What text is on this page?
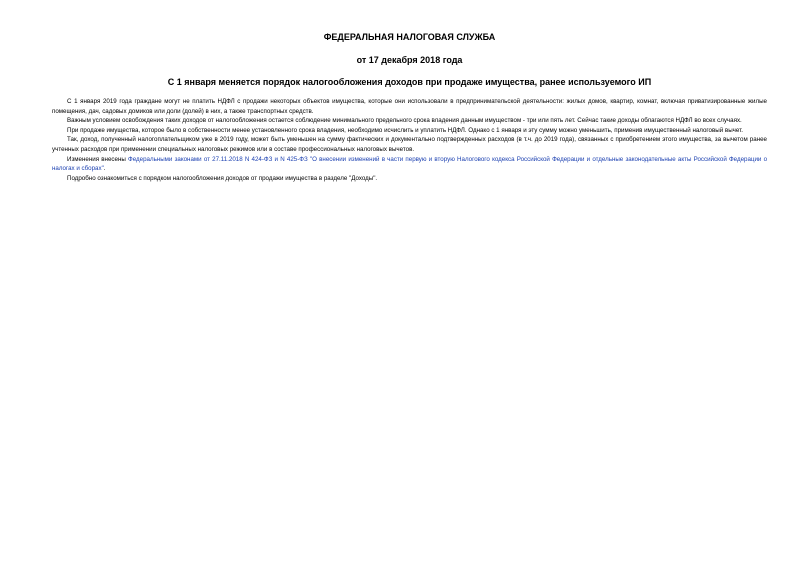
ФЕДЕРАЛЬНАЯ НАЛОГОВАЯ СЛУЖБА
от 17 декабря 2018 года
С 1 января меняется порядок налогообложения доходов при продаже имущества, ранее используемого ИП

С 1 января 2019 года граждане могут не платить НДФЛ с продажи некоторых объектов имущества, которые они использовали в предпринимательской деятельности: жилых домов, квартир, комнат, включая приватизированные жилые помещения, дач, садовых домиков или доли (долей) в них, а также транспортных средств.

Важным условием освобождения таких доходов от налогообложения остается соблюдение минимального предельного срока владения данным имуществом - три или пять лет. Сейчас такие доходы облагаются НДФЛ во всех случаях.

При продаже имущества, которое было в собственности менее установленного срока владения, необходимо исчислить и уплатить НДФЛ. Однако с 1 января и эту сумму можно уменьшить, применив имущественный налоговый вычет.

Так, доход, полученный налогоплательщиком уже в 2019 году, может быть уменьшен на сумму фактических и документально подтвержденных расходов (в т.ч. до 2019 года), связанных с приобретением этого имущества, за вычетом ранее учтенных расходов при применении специальных налоговых режимов или в составе профессиональных налоговых вычетов.

Изменения внесены Федеральными законами от 27.11.2018 N 424-ФЗ и N 425-ФЗ "О внесении изменений в части первую и вторую Налогового кодекса Российской Федерации и отдельные законодательные акты Российской Федерации о налогах и сборах".

Подробно ознакомиться с порядком налогообложения доходов от продажи имущества в разделе "Доходы".
